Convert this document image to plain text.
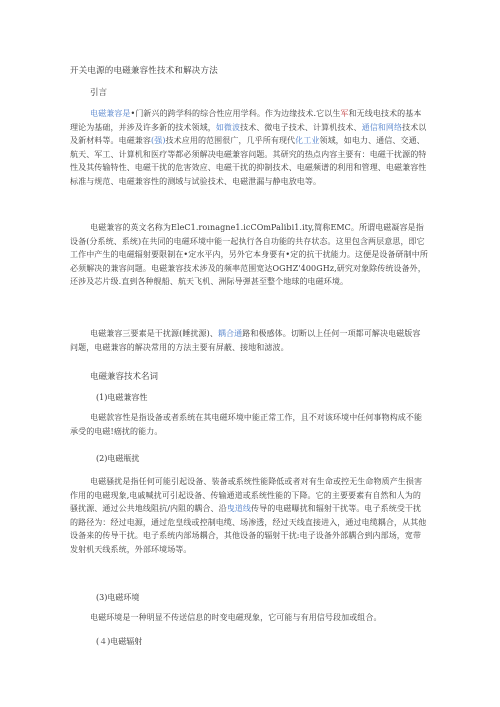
开关电源的电磁兼容性技术和解决方法
引言
电磁兼容是•门新兴的跨学科的综合性应用学科。作为边缘技术.它以生军和无线电技术的基本理论为基础，并涉及许多新的技术领域，如微波技术、微电子技术、计算机技术、通信和网络技术以及新材料等。电磁兼容(强)技术应用的范围很广，几乎所有现代化工业领域，如电力、通信、交通、航天、军工、计算机和医疗等都必须解决电磁兼容问题。其研究的热点内容主要有：电磁干扰源的特性及其传输特性、电磁干扰的危害效应、电磁干扰的抑制技术、电磁频谱的利用和管理、电磁兼容性标准与规范、电磁兼容性的测域与试验技术、电磁泄漏与静电放电等。
电磁兼容的英文名称为EleC1.roınagne1.icCOmPalibi1.ity,简称EMC。所谓电磁凝容是指设备(分系统、系统)在共同的电磁环境中能一起执行各自功能的共存状态。这里包含两层意思，即它工作中产生的电磁辐射要限制在•定水平内，另外它本身要有•定的抗干扰能力。这便是设备研制中所必须解决的兼容问题。电磁兼容技术涉及的频率范围宽达OGHZ'400GHz,研究对象除传统设备外，还涉及芯片级.直到各种舰船、航天飞机、洲际导弹甚至整个地球的电磁环境。
电磁兼容三要素是干扰源(睡扰源)、耦合通路和极感体。切断以上任何一项都可解决电磁版容问题，电磁兼容的解决常用的方法主要有屏蔽、接地和滤波。
电磁兼容技术名词
(1)电磁兼容性
电磁款容性是指设备或者系统在其电磁环境中能正常工作，且不对该环境中任何事物构成不能承受的电磁!癌扰的能力。
(2)电磁瓶扰
电磁骚扰是指任何可能引起设备、装备或系统性能降低或者对有生命或控无生命物质产生损害作用的电磁现象,电戚喊扰可引起设备、传输通道或系统性能的下降。它的主要要素有自然和人为的骚扰源、通过公共地线阻抗/内阻的耦合、沿曳道线传导的电磁曝扰和辐射干扰等。电子系统受干扰的路径为：经过电源，通过危皇线或控制电缆、场渗透，经过天线直接进入，通过电缆耦合，从其他设备来的传导干扰。电子系统内部场耦合，其他设备的辐射干扰:电子设备外部耦合到内部场，宽带发射机天线系统，外部环境场等。
(3)电磁环境
电磁环境是一种明显不传送信息的时变电磁现象，它可能与有用信号段加或组合。
(４)电磁辐射
